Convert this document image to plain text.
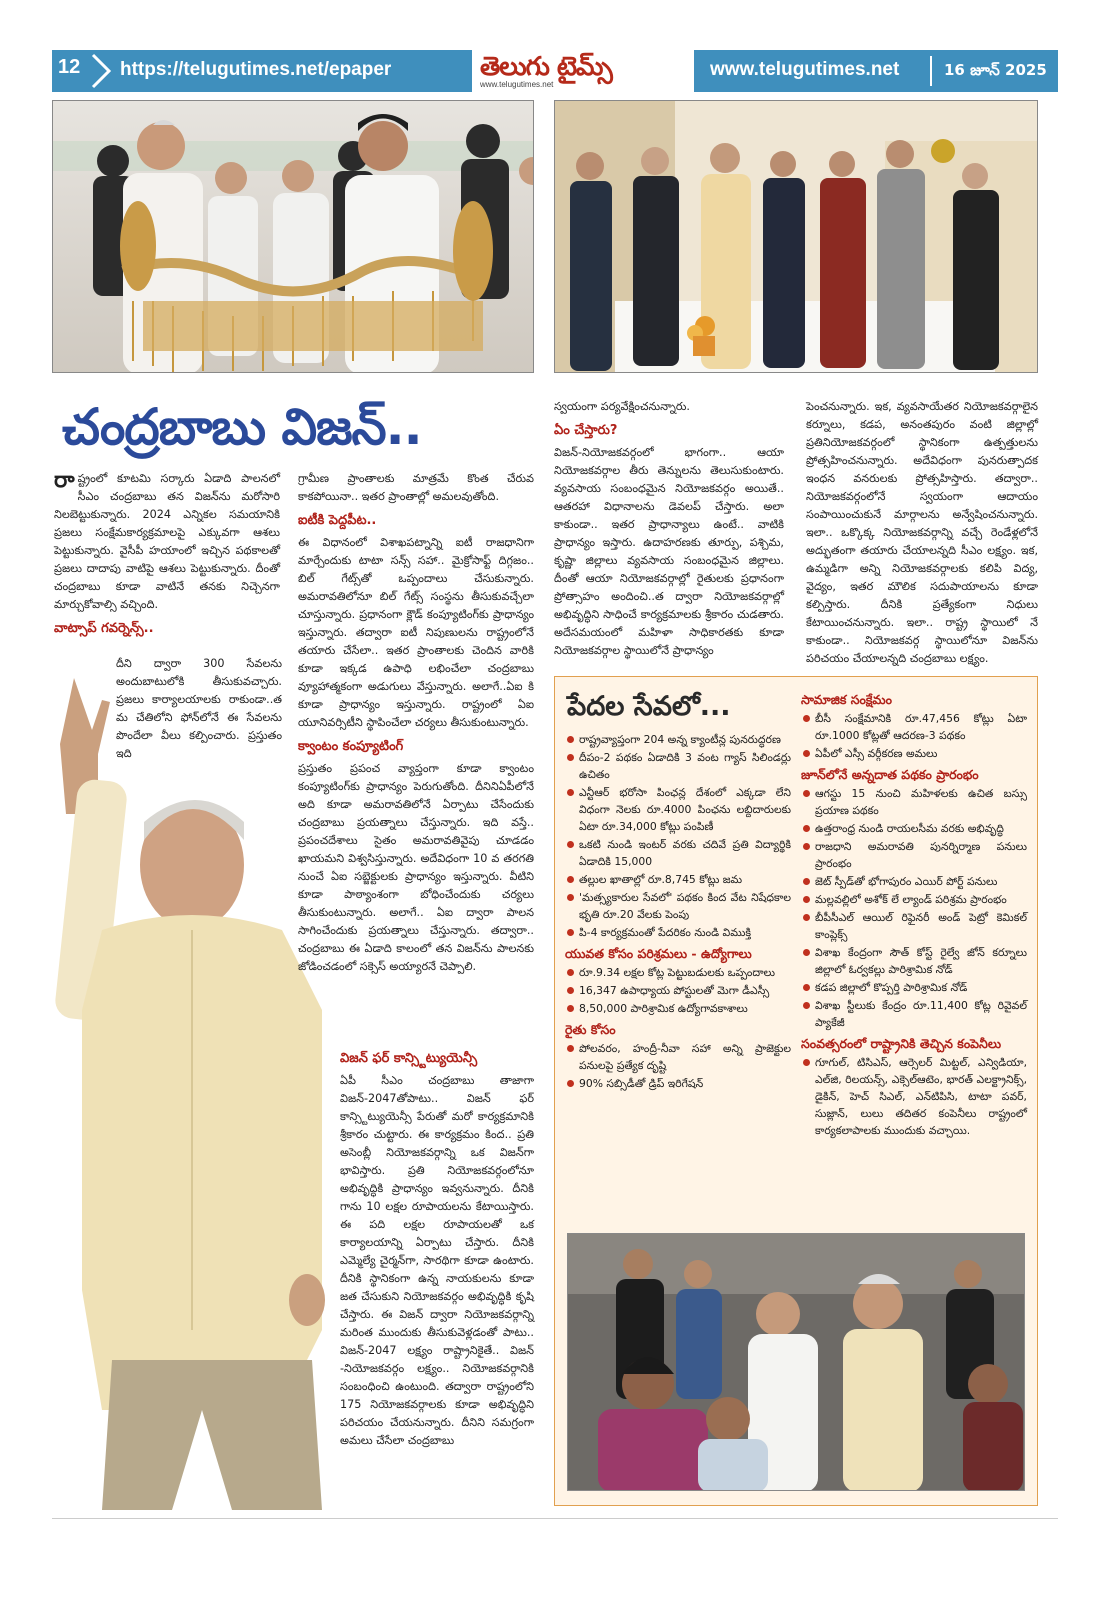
12 https://telugutimes.net/epaper	తెలుగు టైమ్స్
www.telugutimes.net
www.telugutimes.net	16 జూన్ 2025
చంద్రబాబు విజన్..

రాష్ట్రంలో కూటమి సర్కారు ఏడాది పాలనలో సీఎం చంద్రబాబు తన విజన్‌ను మరోసారి నిలబెట్టుకున్నారు. 2024 ఎన్నికల సమయానికి ప్రజలు సంక్షేమకార్యక్రమాలపై ఎక్కువగా ఆశలు పెట్టుకున్నారు. వైసీపీ హయాంలో ఇచ్చిన పథకాలతో ప్రజలు దాదాపు వాటిపై ఆశలు పెట్టుకున్నారు. దీంతో చంద్రబాబు కూడా వాటినే తనకు నిచ్చెనగా మార్చుకోవాల్సి వచ్చింది.

వాట్సాప్ గవర్నెన్స్..

దీని ద్వారా 300 సేవలను అందుబాటులోకి తీసుకువచ్చారు. ప్రజలు కార్యాలయాలకు రాకుండా..త మ చేతిలోని ఫోన్‌లోనే ఈ సేవలను పొందేలా వీలు కల్పించారు. ప్రస్తుతం ఇది

గ్రామీణ ప్రాంతాలకు మాత్రమే కొంత చేరువ కాకపోయినా.. ఇతర ప్రాంతాల్లో అమలవుతోంది.

ఐటీకి పెద్దపీట..

ఈ విధానంలో విశాఖపట్నాన్ని ఐటీ రాజధానిగా మార్చేందుకు టాటా సన్స్ సహా.. మైక్రోసాఫ్ట్ దిగ్గజం.. బిల్ గేట్స్‌తో ఒప్పందాలు చేసుకున్నారు. అమరావతిలోనూ బిల్ గేట్స్ సంస్థను తీసుకువచ్చేలా చూస్తున్నారు. ప్రధానంగా క్లౌడ్ కంప్యూటింగ్‌కు ప్రాధాన్యం ఇస్తున్నారు. తద్వారా ఐటీ నిపుణులను రాష్ట్రంలోనే తయారు చేసేలా.. ఇతర ప్రాంతాలకు చెందిన వారికి కూడా ఇక్కడ ఉపాధి లభించేలా చంద్రబాబు వ్యూహాత్మకంగా అడుగులు వేస్తున్నారు. అలాగే..ఏఐ కి కూడా ప్రాధాన్యం ఇస్తున్నారు. రాష్ట్రంలో ఏఐ యూనివర్సిటీని స్థాపించేలా చర్యలు తీసుకుంటున్నారు.

క్వాంటం కంప్యూటింగ్

ప్రస్తుతం ప్రపంచ వ్యాప్తంగా కూడా క్వాంటం కంప్యూటింగ్‌కు ప్రాధాన్యం పెరుగుతోంది. దీనినిఏపీలోనే అది కూడా అమరావతిలోనే ఏర్పాటు చేసేందుకు చంద్రబాబు ప్రయత్నాలు చేస్తున్నారు. ఇది వస్తే.. ప్రపంచదేశాలు సైతం అమరావతివైపు చూడడం ఖాయమని విశ్వసిస్తున్నారు. అదేవిధంగా 10 వ తరగతి నుంచే ఏఐ సబ్జెక్టులకు ప్రాధాన్యం ఇస్తున్నారు. వీటిని కూడా పాఠ్యాంశంగా బోధించేందుకు చర్యలు తీసుకుంటున్నారు. అలాగే.. ఏఐ ద్వారా పాలన సాగించేందుకు ప్రయత్నాలు చేస్తున్నారు. తద్వారా.. చంద్రబాబు ఈ ఏడాది కాలంలో తన విజన్‌ను పాలనకు జోడించడంలో సక్సెస్ అయ్యారనే చెప్పాలి.

విజన్ ఫర్ కాన్స్టిట్యుయెన్సీ

ఏపీ సీఎం చంద్రబాబు తాజాగా విజన్-2047తోపాటు.. విజన్ ఫర్ కాన్స్టిట్యుయెన్సీ పేరుతో మరో కార్యక్రమానికి శ్రీకారం చుట్టారు. ఈ కార్యక్రమం కింద.. ప్రతి అసెంబ్లీ నియోజకవర్గాన్ని ఒక విజన్‌గా భావిస్తారు. ప్రతి నియోజకవర్గంలోనూ అభివృద్ధికి ప్రాధాన్యం ఇవ్వనున్నారు. దీనికి గాను 10 లక్షల రూపాయలను కేటాయిస్తారు. ఈ పది లక్షల రూపాయలతో ఒక కార్యాలయాన్ని ఏర్పాటు చేస్తారు. దీనికి ఎమ్మెల్యే చైర్మన్‌గా, సారథిగా కూడా ఉంటారు. దీనికి స్థానికంగా ఉన్న నాయకులను కూడా జత చేసుకుని నియోజకవర్గం అభివృద్ధికి కృషి చేస్తారు. ఈ విజన్ ద్వారా నియోజకవర్గాన్ని మరింత ముందుకు తీసుకువెళ్లడంతో పాటు.. విజన్-2047 లక్ష్యం రాష్ట్రానికైతే.. విజన్ -నియోజకవర్గం లక్ష్యం.. నియోజకవర్గానికి సంబంధించి ఉంటుంది. తద్వారా రాష్ట్రంలోని 175 నియోజకవర్గాలకు కూడా అభివృద్ధిని పరిచయం చేయనున్నారు. దీనిని సమగ్రంగా అమలు చేసేలా చంద్రబాబు

స్వయంగా పర్యవేక్షించనున్నారు.

ఏం చేస్తారు?

విజన్-నియోజకవర్గంలో భాగంగా.. ఆయా నియోజకవర్గాల తీరు తెన్నులను తెలుసుకుంటారు. వ్యవసాయ సంబంధమైన నియోజకవర్గం అయితే.. ఆతరహా విధానాలను డెవలప్ చేస్తారు. అలా కాకుండా.. ఇతర ప్రాధాన్యాలు ఉంటే.. వాటికి ప్రాధాన్యం ఇస్తారు. ఉదాహరణకు తూర్పు, పశ్చిమ, కృష్ణా జిల్లాలు వ్యవసాయ సంబంధమైన జిల్లాలు. దీంతో ఆయా నియోజకవర్గాల్లో రైతులకు ప్రధానంగా ప్రోత్సాహం అందించి..త ద్వారా నియోజకవర్గాల్లో అభివృద్ధిని సాధించే కార్యక్రమాలకు శ్రీకారం చుడతారు. అదేసమయంలో మహిళా సాధికారతకు కూడా నియోజకవర్గాల స్థాయిలోనే ప్రాధాన్యం

పెంచనున్నారు. ఇక, వ్యవసాయేతర నియోజకవర్గాలైన కర్నూలు, కడప, అనంతపురం వంటి జిల్లాల్లో ప్రతినియోజకవర్గంలో స్థానికంగా ఉత్పత్తులను ప్రోత్సహించనున్నారు. అదేవిధంగా పునరుత్పాదక ఇంధన వనరులకు ప్రోత్సహిస్తారు. తద్వారా.. నియోజకవర్గంలోనే స్వయంగా ఆదాయం సంపాయించుకునే మార్గాలను అన్వేషించనున్నారు. ఇలా.. ఒక్కొక్క నియోజకవర్గాన్ని వచ్చే రెండేళ్లలోనే అద్భుతంగా తయారు చేయాలన్నది సీఎం లక్ష్యం. ఇక, ఉమ్మడిగా అన్ని నియోజకవర్గాలకు కలిపి విద్య, వైద్యం, ఇతర మౌలిక సదుపాయాలను కూడా కల్పిస్తారు. దీనికి ప్రత్యేకంగా నిధులు కేటాయించనున్నారు. ఇలా.. రాష్ట్ర స్థాయిలో నే కాకుండా.. నియోజకవర్గ స్థాయిలోనూ విజన్‌ను పరిచయం చేయాలన్నది చంద్రబాబు లక్ష్యం.

పేదల సేవలో...
రాష్ట్రవ్యాప్తంగా 204 అన్న క్యాంటీన్ల పునరుద్ధరణ
దీపం-2 పథకం ఏడాదికి 3 వంట గ్యాస్ సిలిండర్లు ఉచితం
ఎన్టీఆర్ భరోసా పింఛన్ల దేశంలో ఎక్కడా లేని విధంగా నెలకు రూ.4000 పింఛను లబ్దిదారులకు ఏటా రూ.34,000 కోట్లు పంపిణీ
ఒకటి నుండి ఇంటర్ వరకు చదివే ప్రతి విద్యార్థికి ఏడాదికి 15,000
తల్లుల ఖాతాల్లో రూ.8,745 కోట్లు జమ
'మత్స్యకారుల సేవలో' పథకం కింద వేట నిషేధకాల భృతి రూ.20 వేలకు పెంపు
పి-4 కార్యక్రమంతో పేదరికం నుండి విముక్తి
యువత కోసం పరిశ్రమలు - ఉద్యోగాలు
రూ.9.34 లక్షల కోట్ల పెట్టుబడులకు ఒప్పందాలు
16,347 ఉపాధ్యాయ పోస్టులతో మెగా డీఎస్సీ
8,50,000 పారిశ్రామిక ఉద్యోగావకాశాలు
రైతు కోసం
పోలవరం, హంద్రీ-నీవా సహా అన్ని ప్రాజెక్టుల పనులపై ప్రత్యేక దృష్టి
90% సబ్సిడీతో డ్రిప్ ఇరిగేషన్
సామాజిక సంక్షేమం
బీసీ సంక్షేమానికి రూ.47,456 కోట్లు ఏటా రూ.1000 కోట్లతో ఆదరణ-3 పథకం
ఏపీలో ఎస్సీ వర్గీకరణ అమలు
జూన్‌లోనే అన్నదాత పథకం ప్రారంభం
ఆగస్టు 15 నుంచి మహిళలకు ఉచిత బస్సు ప్రయాణ పథకం
ఉత్తరాంధ్ర నుండి రాయలసీమ వరకు అభివృద్ధి
రాజధాని అమరావతి పునర్నిర్మాణ పనులు ప్రారంభం
జెట్ స్పీడ్‌తో భోగాపురం ఎయిర్ పోర్ట్ పనులు
మల్లవల్లిలో అశోక్ లే ల్యాండ్ పరిశ్రమ ప్రారంభం
బీపీసీఎల్ ఆయిల్ రిఫైనరీ అండ్ పెట్రో కెమికల్ కాంప్లెక్స్
విశాఖ కేంద్రంగా సౌత్ కోస్ట్ రైల్వే జోన్ కర్నూలు జిల్లాలో ఓర్వకల్లు పారిశ్రామిక నోడ్
కడప జిల్లాలో కొప్పర్తి పారిశ్రామిక నోడ్
విశాఖ స్టీలుకు కేంద్రం రూ.11,400 కోట్ల రివైవల్ ప్యాకేజీ
సంవత్సరంలో రాష్ట్రానికి తెచ్చిన కంపెనీలు
గూగుల్, టిసిఎస్, ఆర్సెలర్ మిట్టల్, ఎన్విడియా, ఎల్‌జి, రిలయన్స్, ఎక్సెల్‌ఆటెం, భారత్ ఎలక్ట్రానిక్స్, డైకిన్, హెచ్ సిఎల్, ఎన్‌టిపిసి, టాటా పవర్, సుజ్లాన్, లులు తదితర కంపెనీలు రాష్ట్రంలో కార్యకలాపాలకు ముందుకు వచ్చాయి.
